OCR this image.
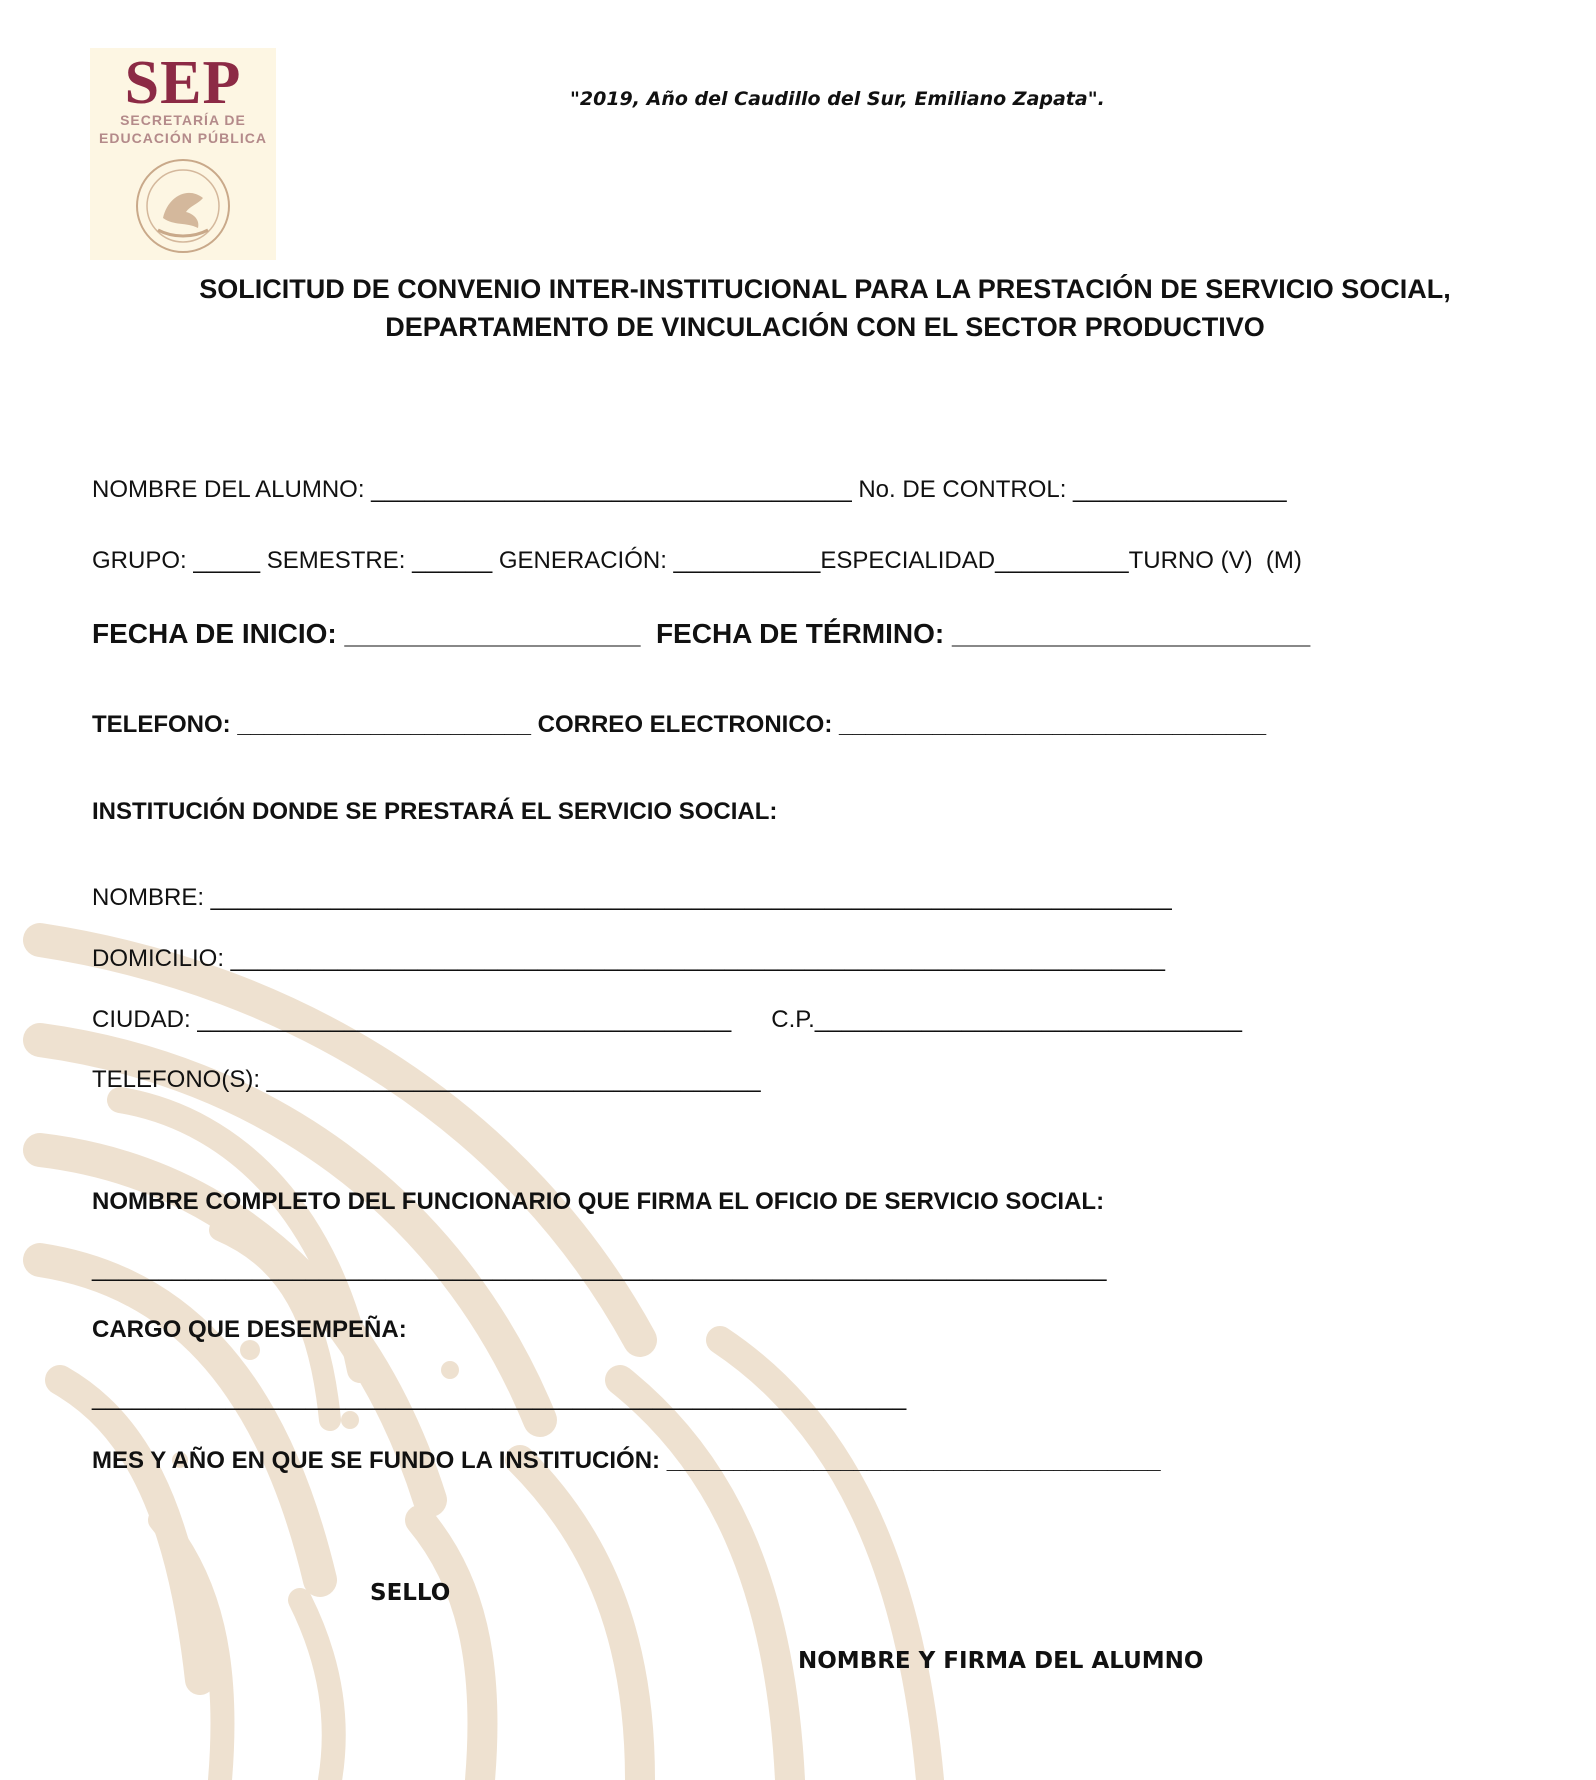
SEP
SECRETARÍA DE
EDUCACIÓN PÚBLICA
"2019, Año del Caudillo del Sur, Emiliano Zapata".
SOLICITUD DE CONVENIO INTER-INSTITUCIONAL PARA LA PRESTACIÓN DE SERVICIO SOCIAL,
DEPARTAMENTO DE VINCULACIÓN CON EL SECTOR PRODUCTIVO
NOMBRE DEL ALUMNO: ____________________________________ No. DE CONTROL: ________________
GRUPO: _____ SEMESTRE: ______ GENERACIÓN: ___________ESPECIALIDAD__________TURNO (V)  (M)
FECHA DE INICIO: ___________________  FECHA DE TÉRMINO: _______________________
TELEFONO: ______________________ CORREO ELECTRONICO: ________________________________
INSTITUCIÓN DONDE SE PRESTARÁ EL SERVICIO SOCIAL:
NOMBRE: ________________________________________________________________________
DOMICILIO: ______________________________________________________________________
CIUDAD: ________________________________________      C.P.________________________________
TELEFONO(S): _____________________________________
NOMBRE COMPLETO DEL FUNCIONARIO QUE FIRMA EL OFICIO DE SERVICIO SOCIAL:
____________________________________________________________________________
CARGO QUE DESEMPEÑA:
_____________________________________________________________
MES Y AÑO EN QUE SE FUNDO LA INSTITUCIÓN: _____________________________________
SELLO
NOMBRE Y FIRMA DEL ALUMNO
